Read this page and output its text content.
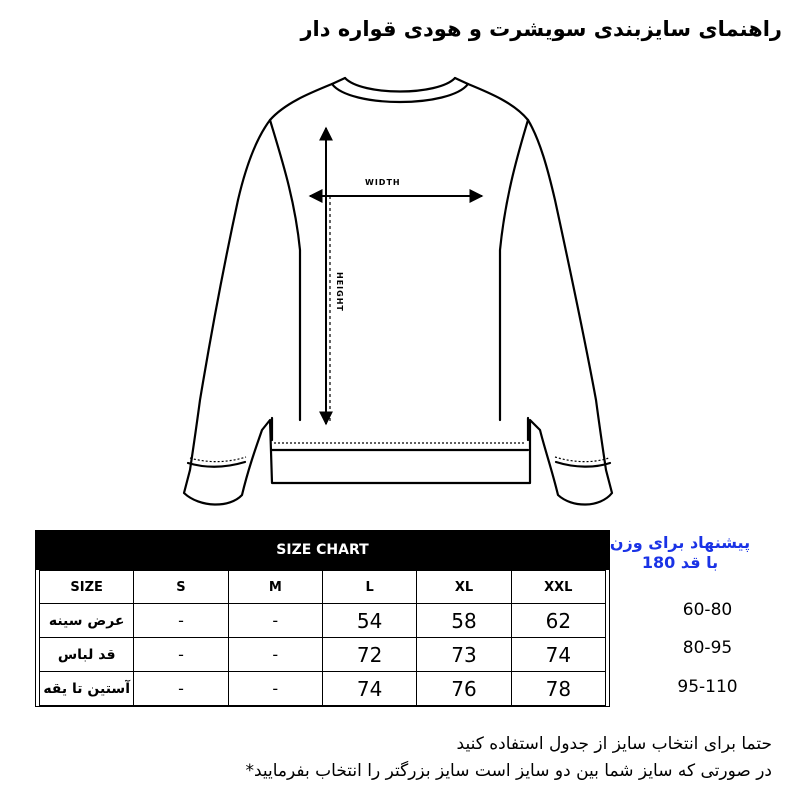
راهنمای سایزبندی سویشرت و هودی قواره دار
WIDTH
HEIGHT
SIZE CHART
SIZE	S	M	L	XL	XXL
عرض سینه	-	-	54	58	62
قد لباس	-	-	72	73	74
آستین تا یقه	-	-	74	76	78
پیشنهاد برای وزن
با قد 180
60-80
80-95
95-110
حتما برای انتخاب سایز از جدول استفاده کنید
در صورتی که سایز شما بین دو سایز است سایز بزرگتر را انتخاب بفرمایید*
